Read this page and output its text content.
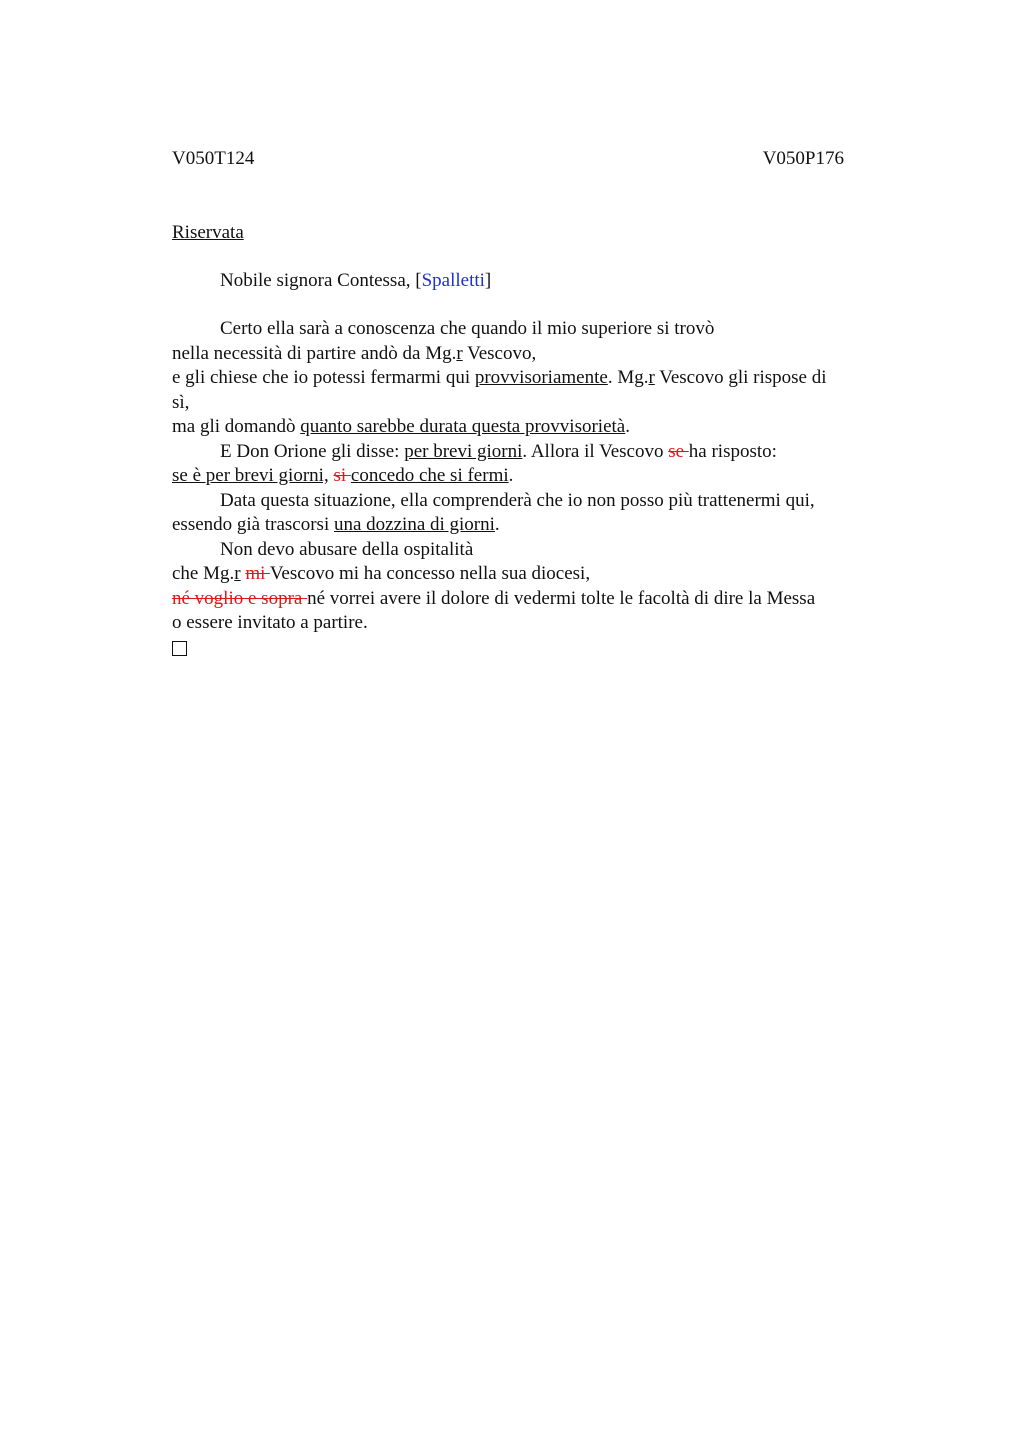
V050T124	V050P176
Riservata
Nobile signora Contessa, [Spalletti]
Certo ella sarà a conoscenza che quando il mio superiore si trovò
nella necessità di partire andò da Mg.r Vescovo,
e gli chiese che io potessi fermarmi qui provvisoriamente. Mg.r Vescovo gli rispose di
sì,
ma gli domandò quanto sarebbe durata questa provvisorietà.
E Don Orione gli disse: per brevi giorni. Allora il Vescovo se ha risposto:
se è per brevi giorni, si concedo che si fermi.
Data questa situazione, ella comprenderà che io non posso più trattenermi qui,
essendo già trascorsi una dozzina di giorni.
Non devo abusare della ospitalità
che Mg.r mi Vescovo mi ha concesso nella sua diocesi,
né voglio e sopra né vorrei avere il dolore di vedermi tolte le facoltà di dire la Messa
o essere invitato a partire.
